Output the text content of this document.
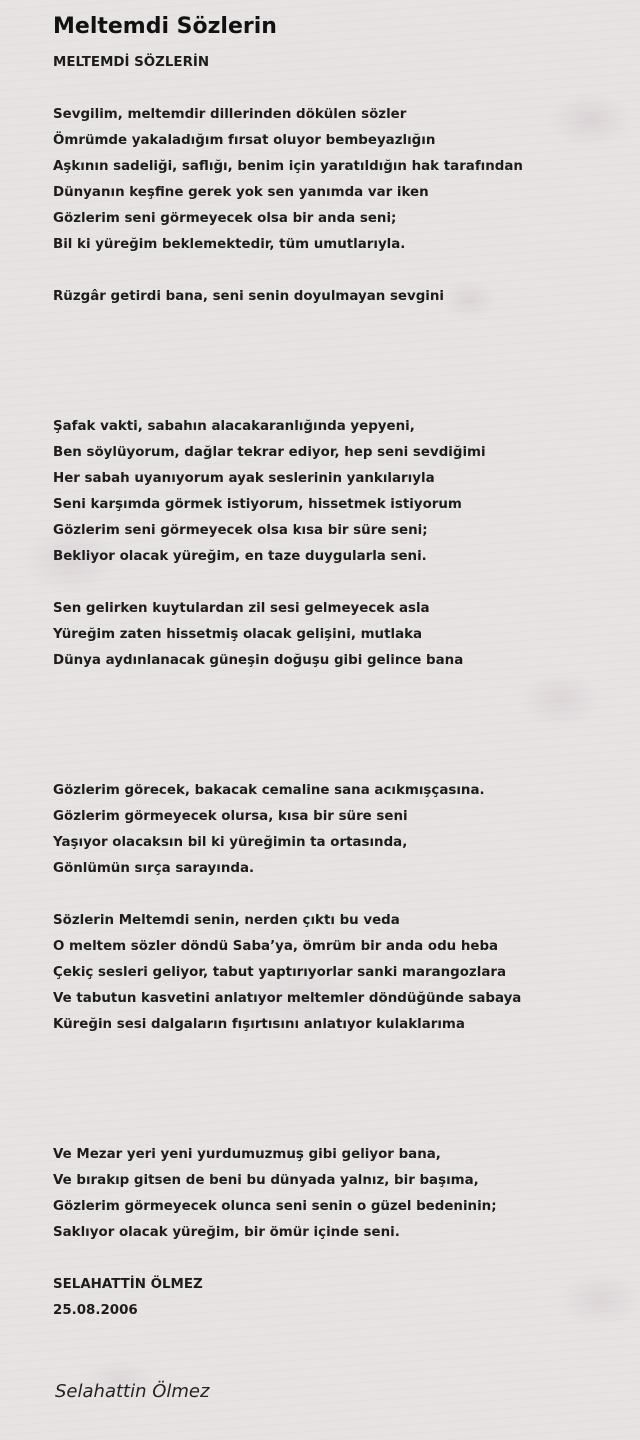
Meltemdi Sözlerin
MELTEMDİ SÖZLERİN
Sevgilim, meltemdir dillerinden dökülen sözler
Ömrümde yakaladığım fırsat oluyor bembeyazlığın
Aşkının sadeliği, saflığı, benim için yaratıldığın hak tarafından
Dünyanın keşfine gerek yok sen yanımda var iken
Gözlerim seni görmeyecek olsa bir anda seni;
Bil ki yüreğim beklemektedir, tüm umutlarıyla.
Rüzgâr getirdi bana, seni senin doyulmayan sevgini
Şafak vakti, sabahın alacakaranlığında yepyeni,
Ben söylüyorum, dağlar tekrar ediyor, hep seni sevdiğimi
Her sabah uyanıyorum ayak seslerinin yankılarıyla
Seni karşımda görmek istiyorum, hissetmek istiyorum
Gözlerim seni görmeyecek olsa kısa bir süre seni;
Bekliyor olacak yüreğim, en taze duygularla seni.
Sen gelirken kuytulardan zil sesi gelmeyecek asla
Yüreğim zaten hissetmiş olacak gelişini, mutlaka
Dünya aydınlanacak güneşin doğuşu gibi gelince bana
Gözlerim görecek, bakacak cemaline sana acıkmışçasına.
Gözlerim görmeyecek olursa, kısa bir süre seni
Yaşıyor olacaksın bil ki yüreğimin ta ortasında,
Gönlümün sırça sarayında.
Sözlerin Meltemdi senin, nerden çıktı bu veda
O meltem sözler döndü Saba’ya, ömrüm bir anda odu heba
Çekiç sesleri geliyor, tabut yaptırıyorlar sanki marangozlara
Ve tabutun kasvetini anlatıyor meltemler döndüğünde sabaya
Küreğin sesi dalgaların fışırtısını anlatıyor kulaklarıma
Ve Mezar yeri yeni yurdumuzmuş gibi geliyor bana,
Ve bırakıp gitsen de beni bu dünyada yalnız, bir başıma,
Gözlerim görmeyecek olunca seni senin o güzel bedeninin;
Saklıyor olacak yüreğim, bir ömür içinde seni.
SELAHATTİN ÖLMEZ
25.08.2006
Selahattin Ölmez
